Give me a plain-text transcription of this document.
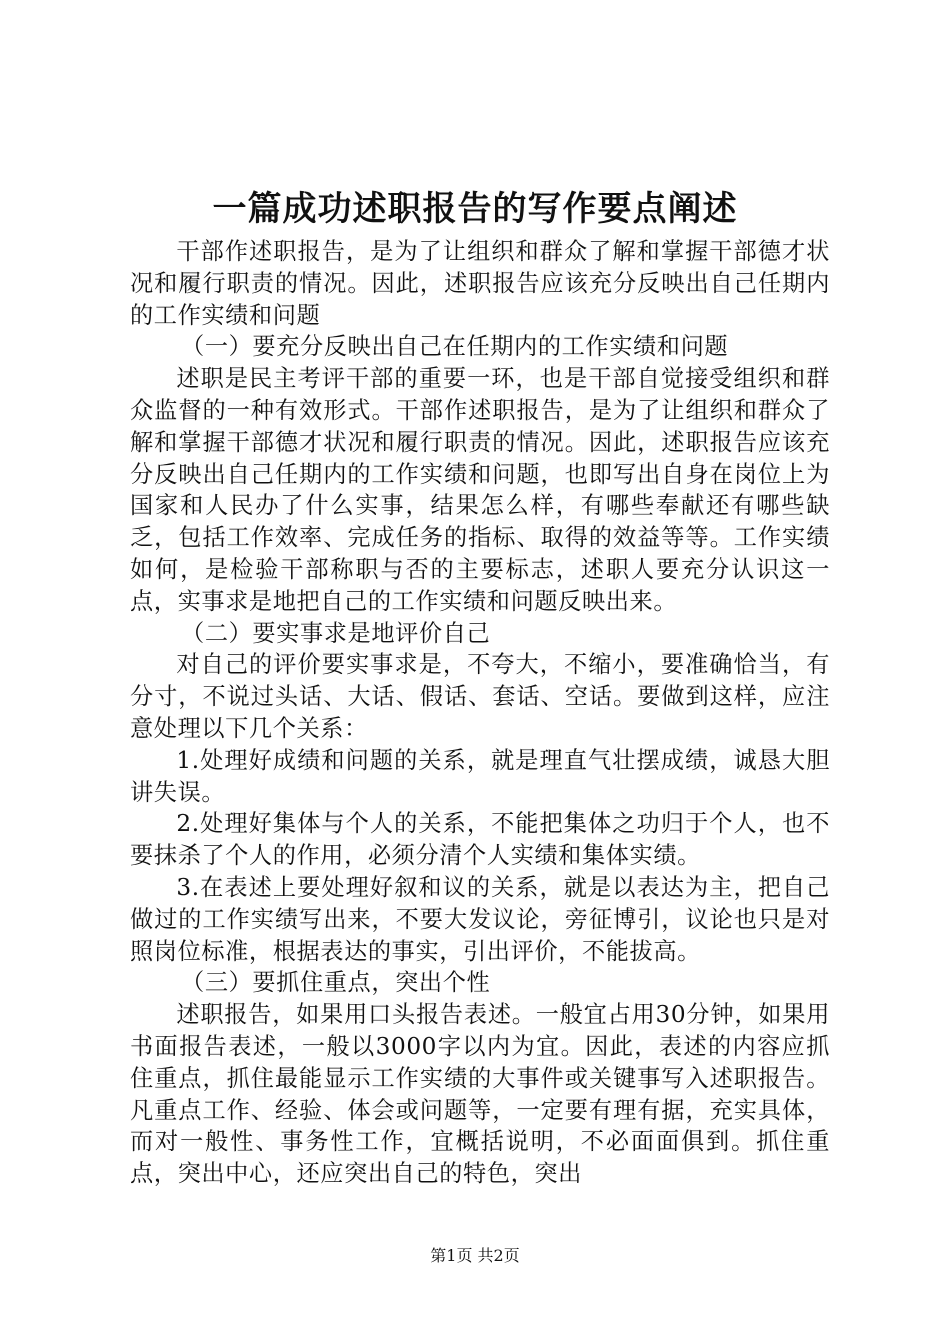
一篇成功述职报告的写作要点阐述

干部作述职报告，是为了让组织和群众了解和掌握干部德才状况和履行职责的情况。因此，述职报告应该充分反映出自己任期内的工作实绩和问题

（一）要充分反映出自己在任期内的工作实绩和问题

述职是民主考评干部的重要一环，也是干部自觉接受组织和群众监督的一种有效形式。干部作述职报告，是为了让组织和群众了解和掌握干部德才状况和履行职责的情况。因此，述职报告应该充分反映出自己任期内的工作实绩和问题，也即写出自身在岗位上为国家和人民办了什么实事，结果怎么样，有哪些奉献还有哪些缺乏，包括工作效率、完成任务的指标、取得的效益等等。工作实绩如何，是检验干部称职与否的主要标志，述职人要充分认识这一点，实事求是地把自己的工作实绩和问题反映出来。

（二）要实事求是地评价自己

对自己的评价要实事求是，不夸大，不缩小，要准确恰当，有分寸，不说过头话、大话、假话、套话、空话。要做到这样，应注意处理以下几个关系：

1.处理好成绩和问题的关系，就是理直气壮摆成绩，诚恳大胆讲失误。

2.处理好集体与个人的关系，不能把集体之功归于个人，也不要抹杀了个人的作用，必须分清个人实绩和集体实绩。

3.在表述上要处理好叙和议的关系，就是以表达为主，把自己做过的工作实绩写出来，不要大发议论，旁征博引，议论也只是对照岗位标准，根据表达的事实，引出评价，不能拔高。

（三）要抓住重点，突出个性

述职报告，如果用口头报告表述。一般宜占用30分钟，如果用书面报告表述，一般以3000字以内为宜。因此，表述的内容应抓住重点，抓住最能显示工作实绩的大事件或关键事写入述职报告。凡重点工作、经验、体会或问题等，一定要有理有据，充实具体，而对一般性、事务性工作，宜概括说明，不必面面俱到。抓住重点，突出中心，还应突出自己的特色，突出

第1页 共2页
